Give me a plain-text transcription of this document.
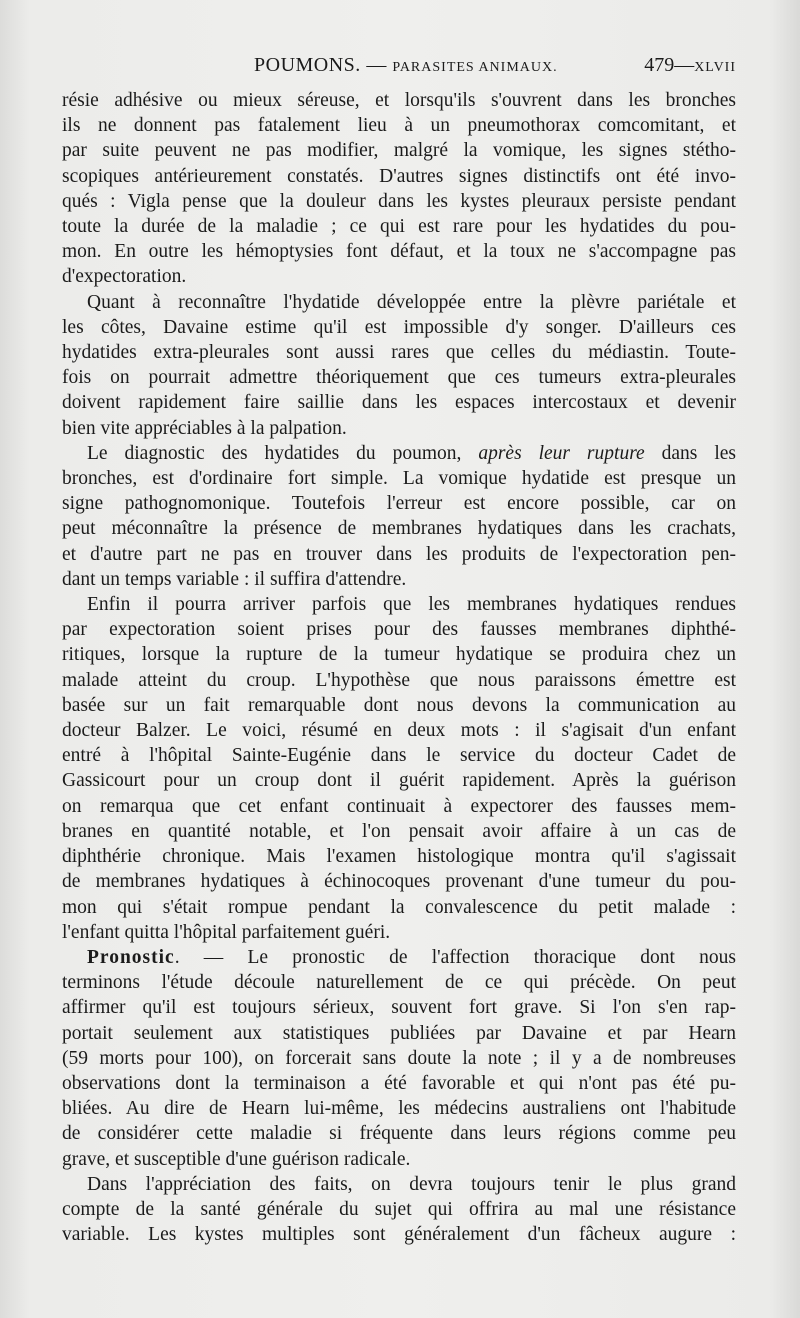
POUMONS. — PARASITES ANIMAUX.	479—XLVII
résie adhésive ou mieux séreuse, et lorsqu'ils s'ouvrent dans les bronches
ils ne donnent pas fatalement lieu à un pneumothorax comcomitant, et
par suite peuvent ne pas modifier, malgré la vomique, les signes stétho-
scopiques antérieurement constatés. D'autres signes distinctifs ont été invo-
qués : Vigla pense que la douleur dans les kystes pleuraux persiste pendant
toute la durée de la maladie ; ce qui est rare pour les hydatides du pou-
mon. En outre les hémoptysies font défaut, et la toux ne s'accompagne pas
d'expectoration.
Quant à reconnaître l'hydatide développée entre la plèvre pariétale et
les côtes, Davaine estime qu'il est impossible d'y songer. D'ailleurs ces
hydatides extra-pleurales sont aussi rares que celles du médiastin. Toute-
fois on pourrait admettre théoriquement que ces tumeurs extra-pleurales
doivent rapidement faire saillie dans les espaces intercostaux et devenir
bien vite appréciables à la palpation.
Le diagnostic des hydatides du poumon, après leur rupture dans les
bronches, est d'ordinaire fort simple. La vomique hydatide est presque un
signe pathognomonique. Toutefois l'erreur est encore possible, car on
peut méconnaître la présence de membranes hydatiques dans les crachats,
et d'autre part ne pas en trouver dans les produits de l'expectoration pen-
dant un temps variable : il suffira d'attendre.
Enfin il pourra arriver parfois que les membranes hydatiques rendues
par expectoration soient prises pour des fausses membranes diphthé-
ritiques, lorsque la rupture de la tumeur hydatique se produira chez un
malade atteint du croup. L'hypothèse que nous paraissons émettre est
basée sur un fait remarquable dont nous devons la communication au
docteur Balzer. Le voici, résumé en deux mots : il s'agisait d'un enfant
entré à l'hôpital Sainte-Eugénie dans le service du docteur Cadet de
Gassicourt pour un croup dont il guérit rapidement. Après la guérison
on remarqua que cet enfant continuait à expectorer des fausses mem-
branes en quantité notable, et l'on pensait avoir affaire à un cas de
diphthérie chronique. Mais l'examen histologique montra qu'il s'agissait
de membranes hydatiques à échinocoques provenant d'une tumeur du pou-
mon qui s'était rompue pendant la convalescence du petit malade :
l'enfant quitta l'hôpital parfaitement guéri.
Pronostic. — Le pronostic de l'affection thoracique dont nous
terminons l'étude découle naturellement de ce qui précède. On peut
affirmer qu'il est toujours sérieux, souvent fort grave. Si l'on s'en rap-
portait seulement aux statistiques publiées par Davaine et par Hearn
(59 morts pour 100), on forcerait sans doute la note ; il y a de nombreuses
observations dont la terminaison a été favorable et qui n'ont pas été pu-
bliées. Au dire de Hearn lui-même, les médecins australiens ont l'habitude
de considérer cette maladie si fréquente dans leurs régions comme peu
grave, et susceptible d'une guérison radicale.
Dans l'appréciation des faits, on devra toujours tenir le plus grand
compte de la santé générale du sujet qui offrira au mal une résistance
variable. Les kystes multiples sont généralement d'un fâcheux augure :
